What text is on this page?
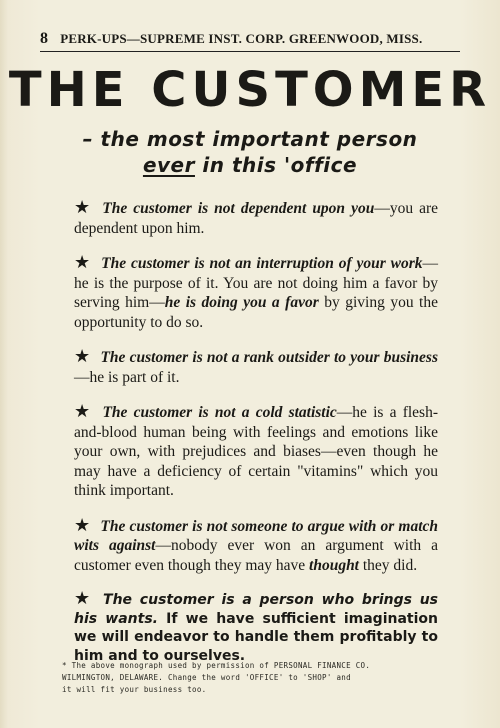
8 PERK-UPS—SUPREME INST. CORP. GREENWOOD, MISS.
THE CUSTOMER
– the most important person
ever in this 'office
★ The customer is not dependent upon you—you are dependent upon him.
★ The customer is not an interruption of your work—he is the purpose of it. You are not doing him a favor by serving him—he is doing you a favor by giving you the opportunity to do so.
★ The customer is not a rank outsider to your business—he is part of it.
★ The customer is not a cold statistic—he is a flesh-and-blood human being with feelings and emotions like your own, with prejudices and biases—even though he may have a deficiency of certain "vitamins" which you think important.
★ The customer is not someone to argue with or match wits against—nobody ever won an argument with a customer even though they may have thought they did.
★ The customer is a person who brings us his wants. If we have sufficient imagination we will endeavor to handle them profitably to him and to ourselves.
* The above monograph used by permission of PERSONAL FINANCE CO.
WILMINGTON, DELAWARE. Change the word 'OFFICE' to 'SHOP' and
it will fit your business too.
